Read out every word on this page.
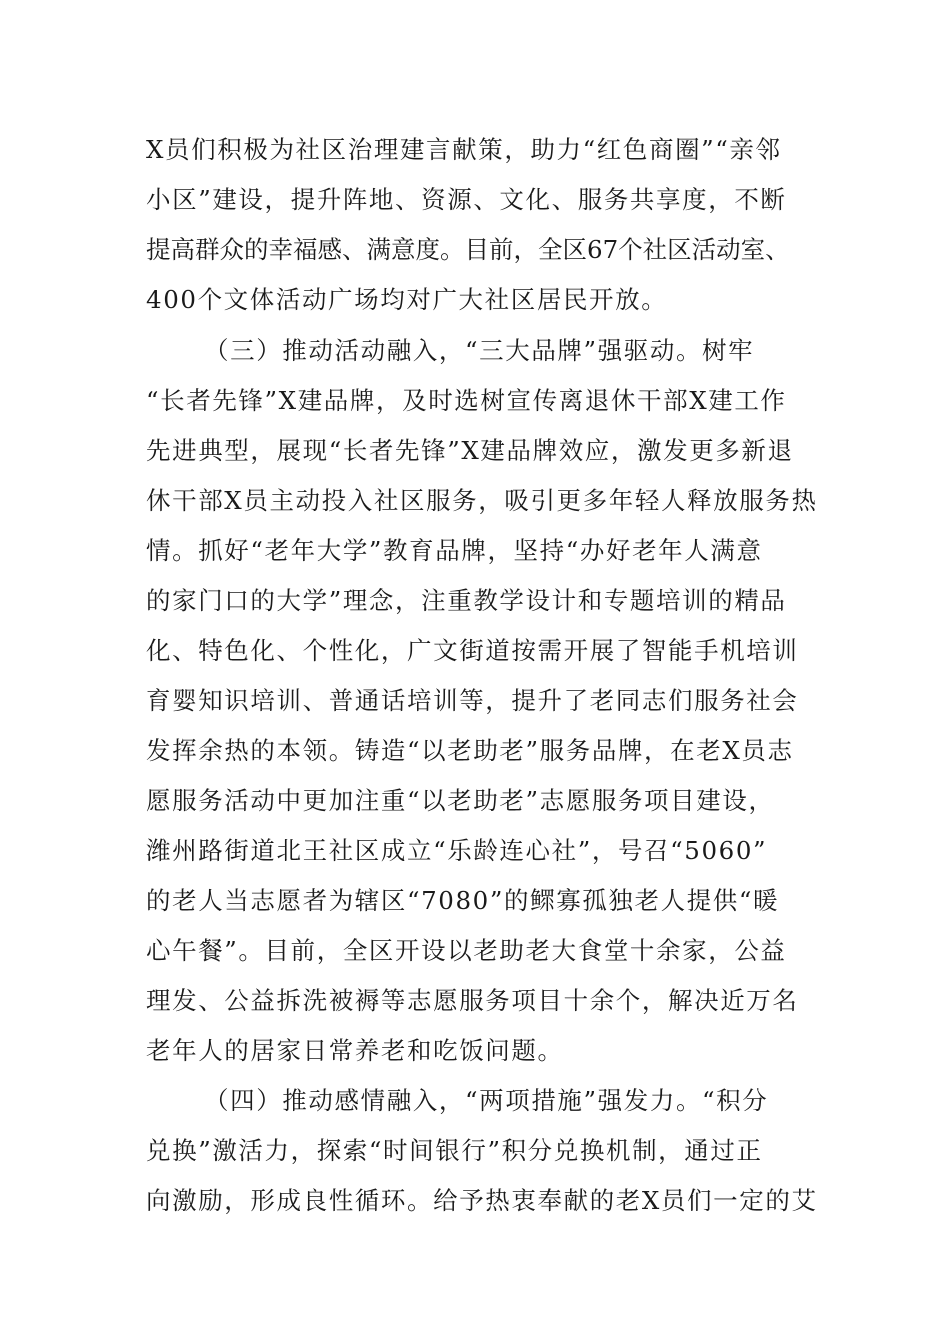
X员们积极为社区治理建言献策，助力“红色商圈”“亲邻
小区”建设，提升阵地、资源、文化、服务共享度，不断
提高群众的幸福感、满意度。目前，全区67个社区活动室、
400个文体活动广场均对广大社区居民开放。
（三）推动活动融入，“三大品牌”强驱动。树牢
“长者先锋”X建品牌，及时选树宣传离退休干部X建工作
先进典型，展现“长者先锋”X建品牌效应，激发更多新退
休干部X员主动投入社区服务，吸引更多年轻人释放服务热
情。抓好“老年大学”教育品牌，坚持“办好老年人满意
的家门口的大学”理念，注重教学设计和专题培训的精品
化、特色化、个性化，广文街道按需开展了智能手机培训
育婴知识培训、普通话培训等，提升了老同志们服务社会
发挥余热的本领。铸造“以老助老”服务品牌，在老X员志
愿服务活动中更加注重“以老助老”志愿服务项目建设，
潍州路街道北王社区成立“乐龄连心社”，号召“5060”
的老人当志愿者为辖区“7080”的鳏寡孤独老人提供“暖
心午餐”。目前，全区开设以老助老大食堂十余家，公益
理发、公益拆洗被褥等志愿服务项目十余个，解决近万名
老年人的居家日常养老和吃饭问题。
（四）推动感情融入，“两项措施”强发力。“积分
兑换”激活力，探索“时间银行”积分兑换机制，通过正
向激励，形成良性循环。给予热衷奉献的老X员们一定的艾
